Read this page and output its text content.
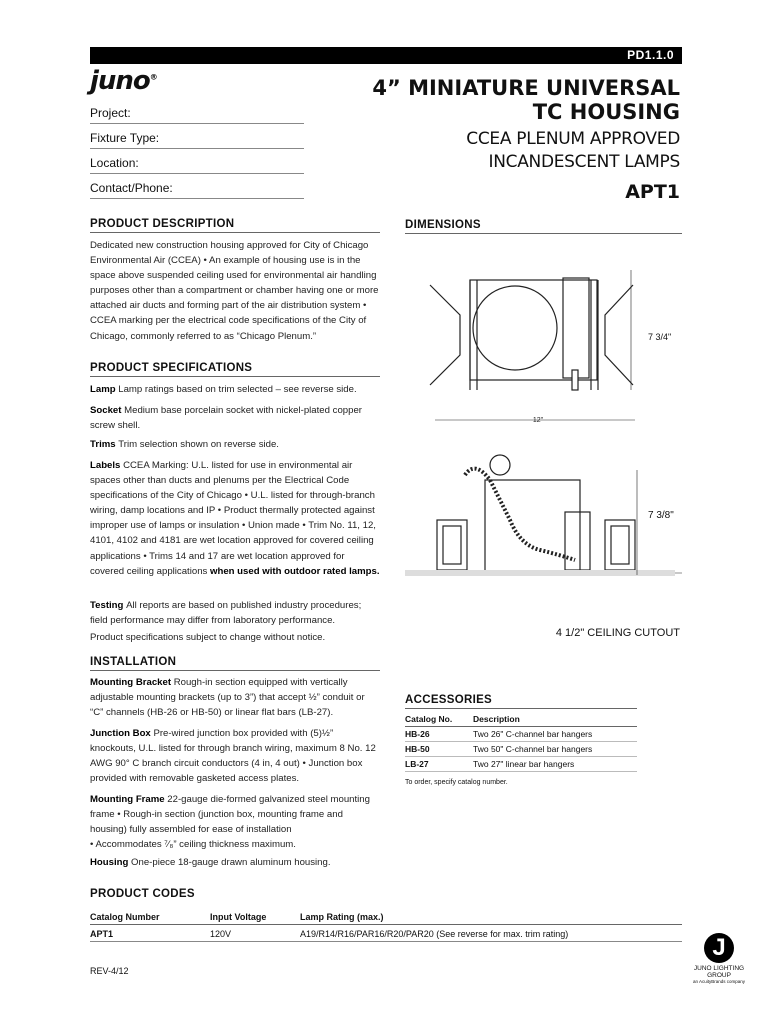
PD1.1.0
juno®
Project:
Fixture Type:
Location:
Contact/Phone:
4” MINIATURE UNIVERSAL
TC HOUSING
CCEA PLENUM APPROVED
INCANDESCENT LAMPS
APT1
PRODUCT DESCRIPTION
Dedicated new construction housing approved for City of Chicago Environmental Air (CCEA) • An example of housing use is in the space above suspended ceiling used for environmental air handling purposes other than a compartment or chamber having one or more attached air ducts and forming part of the air distribution system • CCEA marking per the electrical code specifications of the City of Chicago, commonly referred to as “Chicago Plenum.”
PRODUCT SPECIFICATIONS
Lamp Lamp ratings based on trim selected – see reverse side.
Socket Medium base porcelain socket with nickel-plated copper screw shell.
Trims Trim selection shown on reverse side.
Labels CCEA Marking: U.L. listed for use in environmental air spaces other than ducts and plenums per the Electrical Code specifications of the City of Chicago • U.L. listed for through-branch wiring, damp locations and IP • Product thermally protected against improper use of lamps or insulation • Union made • Trim No. 11, 12, 4101, 4102 and 4181 are wet location approved for covered ceiling applications • Trims 14 and 17 are wet location approved for covered ceiling applications when used with outdoor rated lamps.
Testing All reports are based on published industry procedures; field performance may differ from laboratory performance.
Product specifications subject to change without notice.
INSTALLATION
Mounting Bracket Rough-in section equipped with vertically adjustable mounting brackets (up to 3”) that accept ½” conduit or “C” channels (HB-26 or HB-50) or linear flat bars (LB-27).
Junction Box Pre-wired junction box provided with (5)½” knockouts, U.L. listed for through branch wiring, maximum 8 No. 12 AWG 90° C branch circuit conductors (4 in, 4 out) • Junction box provided with removable gasketed access plates.
Mounting Frame 22-gauge die-formed galvanized steel mounting frame • Rough-in section (junction box, mounting frame and housing) fully assembled for ease of installation
• Accommodates ⁷⁄₈” ceiling thickness maximum.
Housing One-piece 18-gauge drawn aluminum housing.
DIMENSIONS
12"
7 3/4"
7 3/8"
4 1/2" CEILING CUTOUT
ACCESSORIES
Catalog No.	Description
HB-26	Two 26" C-channel bar hangers
HB-50	Two 50" C-channel bar hangers
LB-27	Two 27" linear bar hangers
To order, specify catalog number.
PRODUCT CODES
Catalog Number	Input Voltage	Lamp Rating (max.)
APT1	120V	A19/R14/R16/PAR16/R20/PAR20 (See reverse for max. trim rating)
REV-4/12
J
JUNO LIGHTING GROUP
an AcuityBrands company
